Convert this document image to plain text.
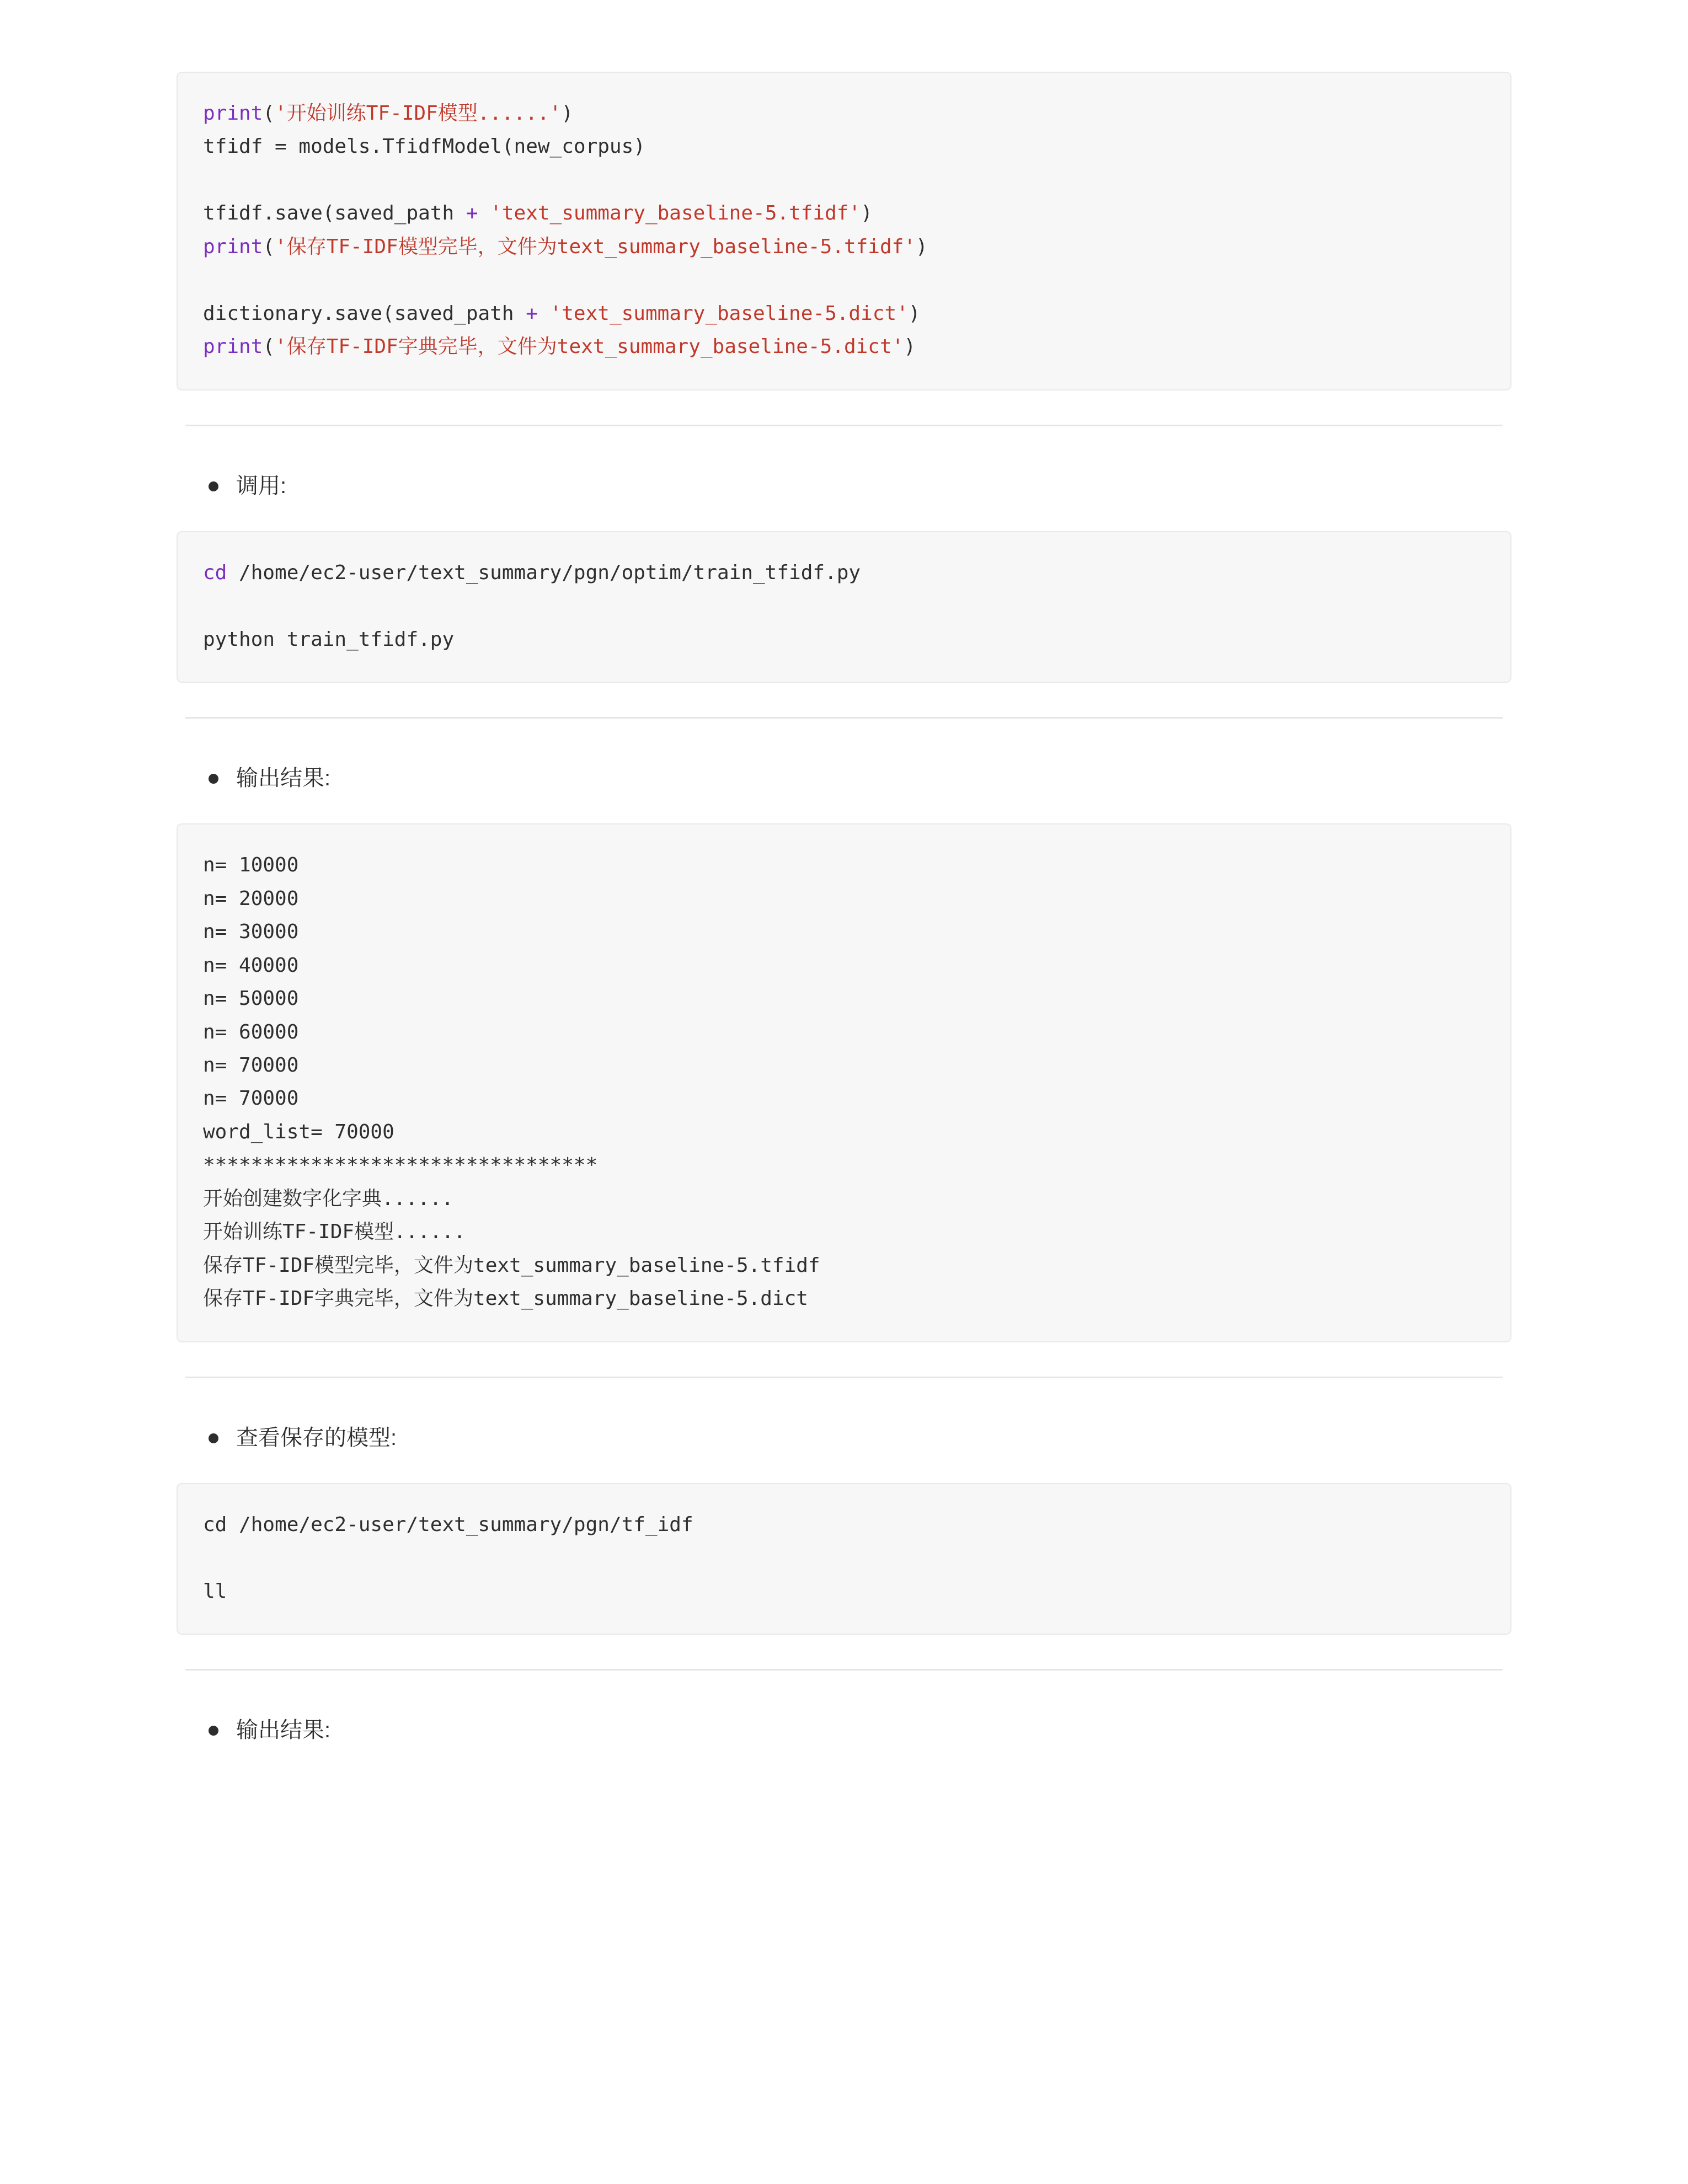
print('开始训练TF-IDF模型......')
tfidf = models.TfidfModel(new_corpus)

tfidf.save(saved_path + 'text_summary_baseline-5.tfidf')
print('保存TF-IDF模型完毕，文件为text_summary_baseline-5.tfidf')

dictionary.save(saved_path + 'text_summary_baseline-5.dict')
print('保存TF-IDF字典完毕，文件为text_summary_baseline-5.dict')
调用:
cd /home/ec2-user/text_summary/pgn/optim/train_tfidf.py

python train_tfidf.py
输出结果:
n= 10000
n= 20000
n= 30000
n= 40000
n= 50000
n= 60000
n= 70000
n= 70000
word_list= 70000
*********************************
开始创建数字化字典......
开始训练TF-IDF模型......
保存TF-IDF模型完毕，文件为text_summary_baseline-5.tfidf
保存TF-IDF字典完毕，文件为text_summary_baseline-5.dict
查看保存的模型:
cd /home/ec2-user/text_summary/pgn/tf_idf

ll
输出结果:
